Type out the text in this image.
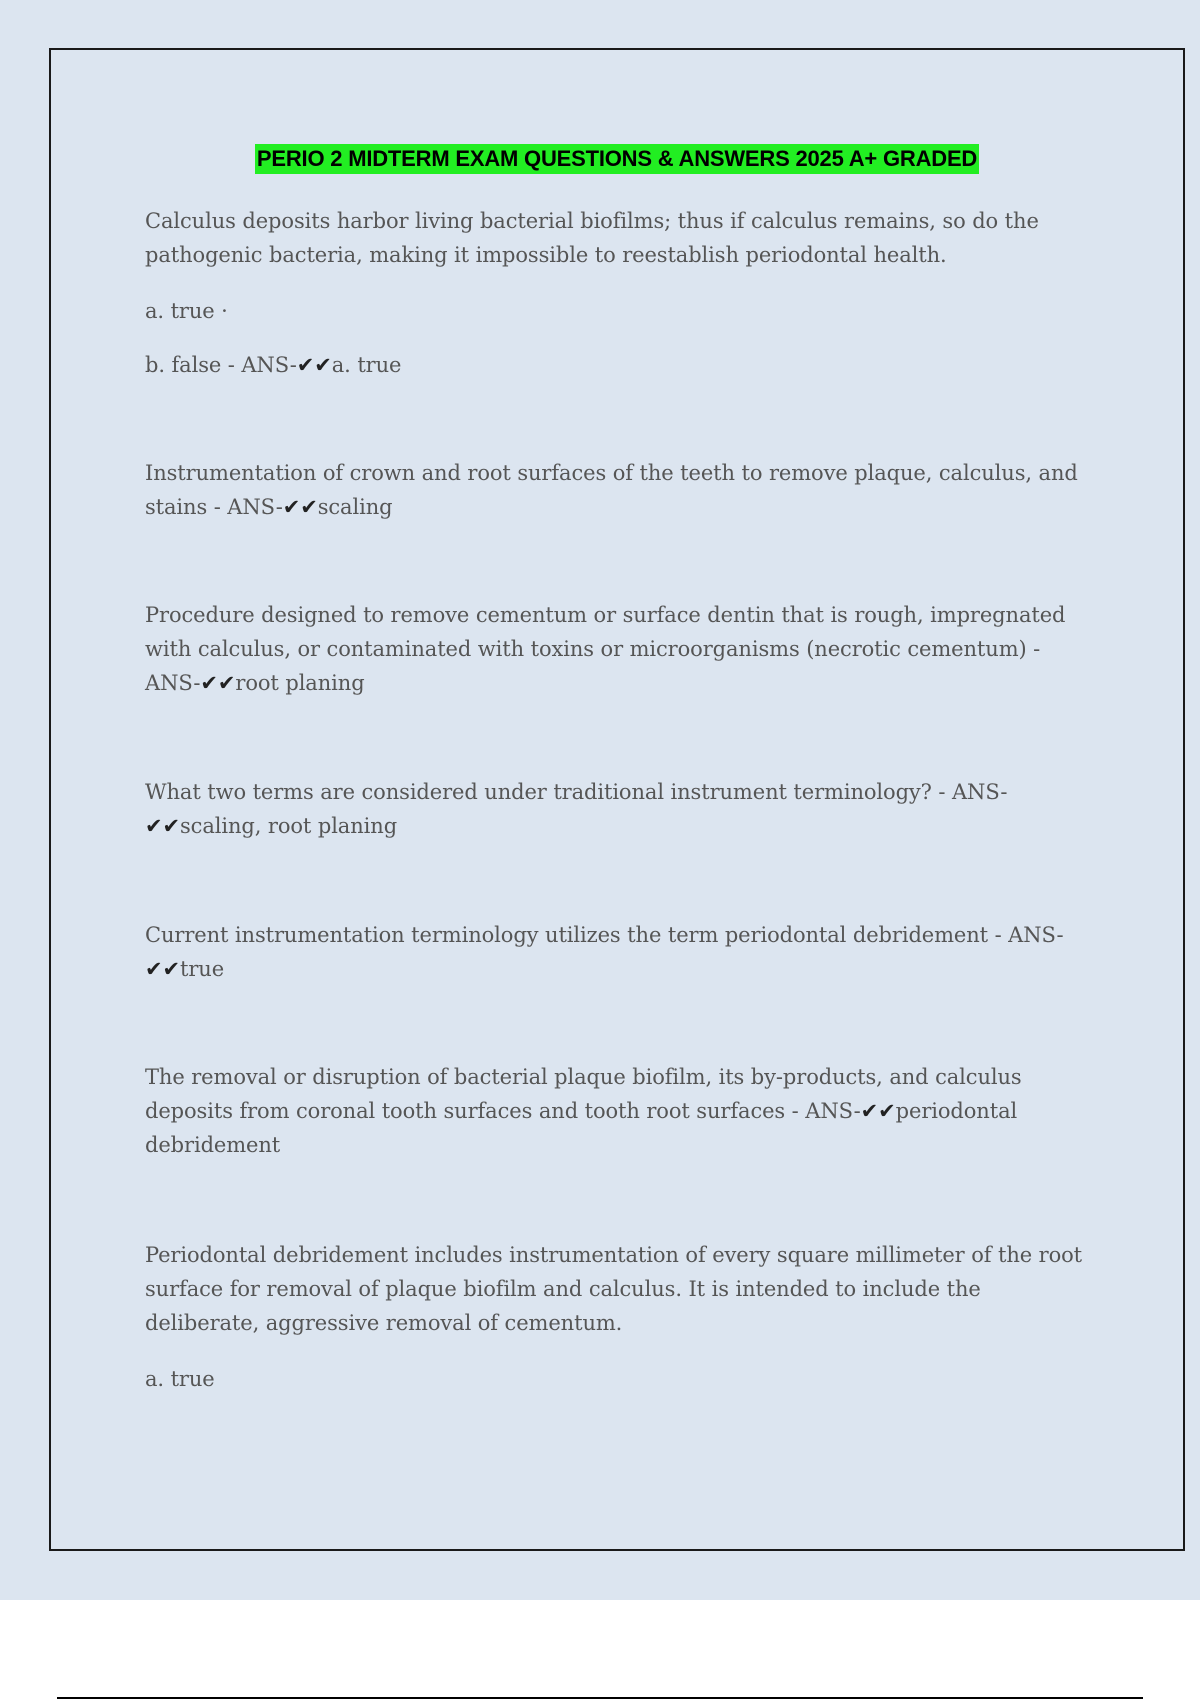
PERIO 2 MIDTERM EXAM QUESTIONS & ANSWERS 2025 A+ GRADED

Calculus deposits harbor living bacterial biofilms; thus if calculus remains, so do the pathogenic bacteria, making it impossible to reestablish periodontal health.

a. true ·

b. false - ANS-✔✔a. true

Instrumentation of crown and root surfaces of the teeth to remove plaque, calculus, and stains - ANS-✔✔scaling

Procedure designed to remove cementum or surface dentin that is rough, impregnated with calculus, or contaminated with toxins or microorganisms (necrotic cementum) - ANS-✔✔root planing

What two terms are considered under traditional instrument terminology? - ANS-✔✔scaling, root planing

Current instrumentation terminology utilizes the term periodontal debridement - ANS-✔✔true

The removal or disruption of bacterial plaque biofilm, its by-products, and calculus deposits from coronal tooth surfaces and tooth root surfaces - ANS-✔✔periodontal debridement

Periodontal debridement includes instrumentation of every square millimeter of the root surface for removal of plaque biofilm and calculus. It is intended to include the deliberate, aggressive removal of cementum.

a. true
